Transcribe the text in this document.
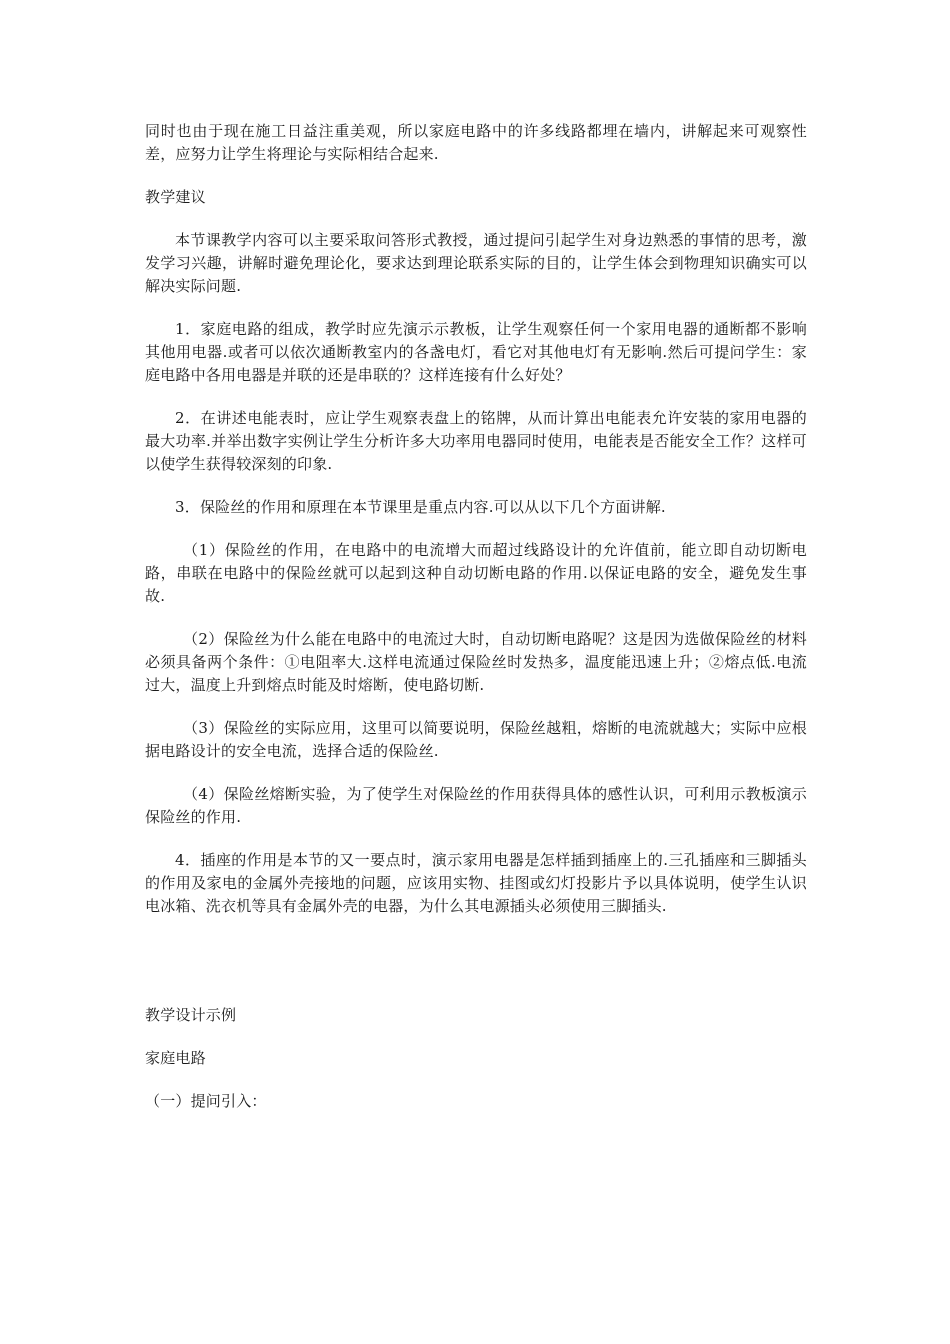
同时也由于现在施工日益注重美观，所以家庭电路中的许多线路都埋在墙内，讲解起来可观察性差，应努力让学生将理论与实际相结合起来.

教学建议

本节课教学内容可以主要采取问答形式教授，通过提问引起学生对身边熟悉的事情的思考，激发学习兴趣，讲解时避免理论化，要求达到理论联系实际的目的，让学生体会到物理知识确实可以解决实际问题.

1．家庭电路的组成，教学时应先演示示教板，让学生观察任何一个家用电器的通断都不影响其他用电器.或者可以依次通断教室内的各盏电灯，看它对其他电灯有无影响.然后可提问学生：家庭电路中各用电器是并联的还是串联的？这样连接有什么好处？

2．在讲述电能表时，应让学生观察表盘上的铭牌，从而计算出电能表允许安装的家用电器的最大功率.并举出数字实例让学生分析许多大功率用电器同时使用，电能表是否能安全工作？这样可以使学生获得较深刻的印象.

3．保险丝的作用和原理在本节课里是重点内容.可以从以下几个方面讲解.

（1）保险丝的作用，在电路中的电流增大而超过线路设计的允许值前，能立即自动切断电路，串联在电路中的保险丝就可以起到这种自动切断电路的作用.以保证电路的安全，避免发生事故.

（2）保险丝为什么能在电路中的电流过大时，自动切断电路呢？这是因为选做保险丝的材料必须具备两个条件：①电阻率大.这样电流通过保险丝时发热多，温度能迅速上升；②熔点低.电流过大，温度上升到熔点时能及时熔断，使电路切断.

（3）保险丝的实际应用，这里可以简要说明，保险丝越粗，熔断的电流就越大；实际中应根据电路设计的安全电流，选择合适的保险丝.

（4）保险丝熔断实验，为了使学生对保险丝的作用获得具体的感性认识，可利用示教板演示保险丝的作用.

4．插座的作用是本节的又一要点时，演示家用电器是怎样插到插座上的.三孔插座和三脚插头的作用及家电的金属外壳接地的问题，应该用实物、挂图或幻灯投影片予以具体说明，使学生认识电冰箱、洗衣机等具有金属外壳的电器，为什么其电源插头必须使用三脚插头.

教学设计示例

家庭电路

（一）提问引入：
